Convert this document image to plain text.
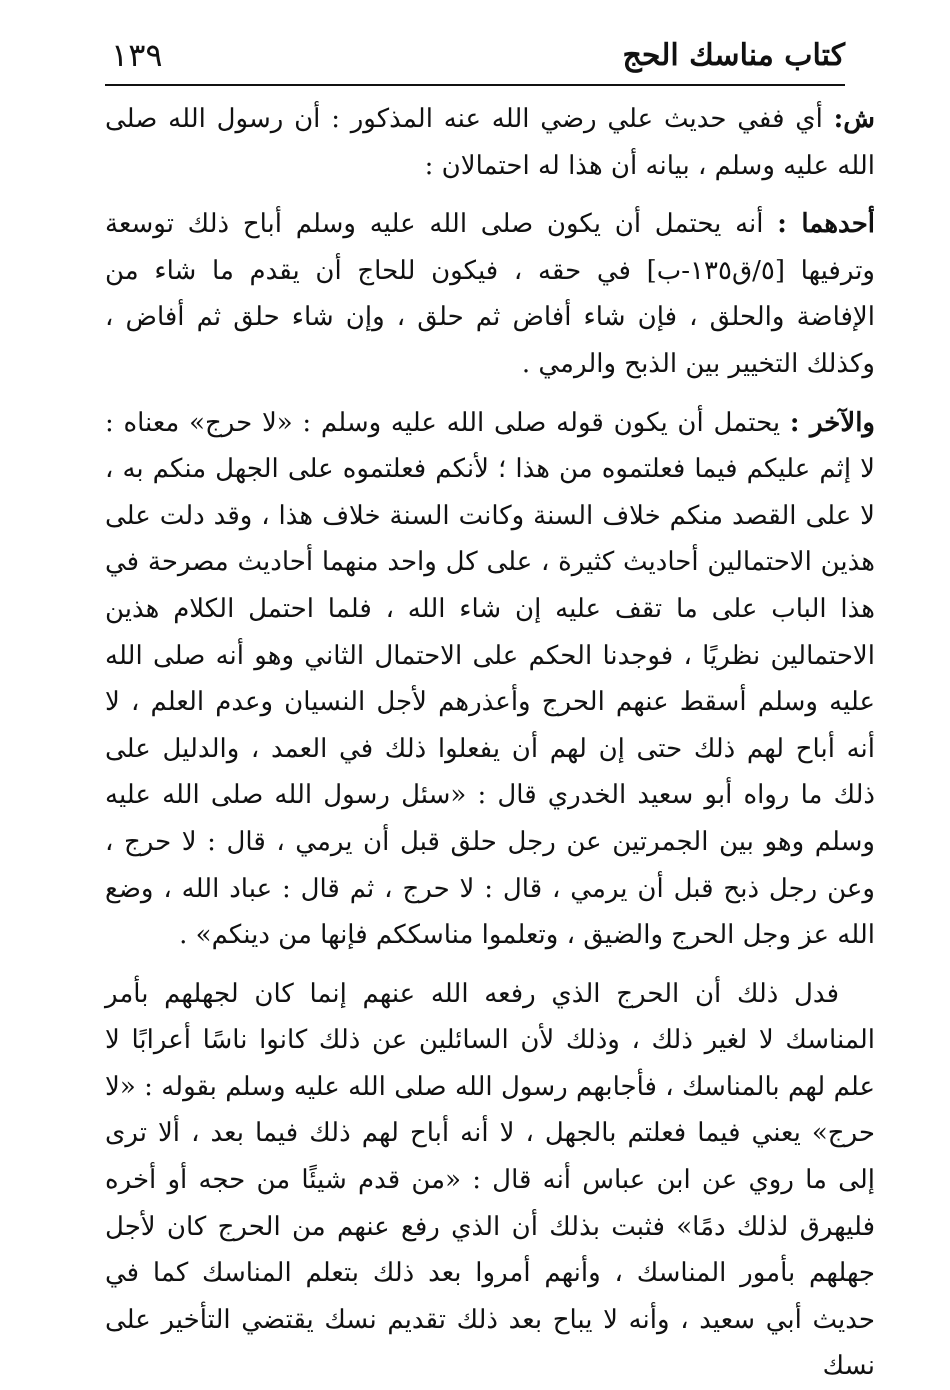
كتاب مناسك الحج
١٣٩

ش: أي ففي حديث علي رضي الله عنه المذكور : أن رسول الله صلى الله عليه وسلم ، بيانه أن هذا له احتمالان :

أحدهما : أنه يحتمل أن يكون صلى الله عليه وسلم أباح ذلك توسعة وترفيها [٥/ق١٣٥-ب] في حقه ، فيكون للحاج أن يقدم ما شاء من الإفاضة والحلق ، فإن شاء أفاض ثم حلق ، وإن شاء حلق ثم أفاض ، وكذلك التخيير بين الذبح والرمي .

والآخر : يحتمل أن يكون قوله صلى الله عليه وسلم : «لا حرج» معناه : لا إثم عليكم فيما فعلتموه من هذا ؛ لأنكم فعلتموه على الجهل منكم به ، لا على القصد منكم خلاف السنة وكانت السنة خلاف هذا ، وقد دلت على هذين الاحتمالين أحاديث كثيرة ، على كل واحد منهما أحاديث مصرحة في هذا الباب على ما تقف عليه إن شاء الله ، فلما احتمل الكلام هذين الاحتمالين نظريًا ، فوجدنا الحكم على الاحتمال الثاني وهو أنه صلى الله عليه وسلم أسقط عنهم الحرج وأعذرهم لأجل النسيان وعدم العلم ، لا أنه أباح لهم ذلك حتى إن لهم أن يفعلوا ذلك في العمد ، والدليل على ذلك ما رواه أبو سعيد الخدري قال : «سئل رسول الله صلى الله عليه وسلم وهو بين الجمرتين عن رجل حلق قبل أن يرمي ، قال : لا حرج ، وعن رجل ذبح قبل أن يرمي ، قال : لا حرج ، ثم قال : عباد الله ، وضع الله عز وجل الحرج والضيق ، وتعلموا مناسككم فإنها من دينكم» .

فدل ذلك أن الحرج الذي رفعه الله عنهم إنما كان لجهلهم بأمر المناسك لا لغير ذلك ، وذلك لأن السائلين عن ذلك كانوا ناسًا أعرابًا لا علم لهم بالمناسك ، فأجابهم رسول الله صلى الله عليه وسلم بقوله : «لا حرج» يعني فيما فعلتم بالجهل ، لا أنه أباح لهم ذلك فيما بعد ، ألا ترى إلى ما روي عن ابن عباس أنه قال : «من قدم شيئًا من حجه أو أخره فليهرق لذلك دمًا» فثبت بذلك أن الذي رفع عنهم من الحرج كان لأجل جهلهم بأمور المناسك ، وأنهم أمروا بعد ذلك بتعلم المناسك كما في حديث أبي سعيد ، وأنه لا يباح بعد ذلك تقديم نسك يقتضي التأخير على نسك
